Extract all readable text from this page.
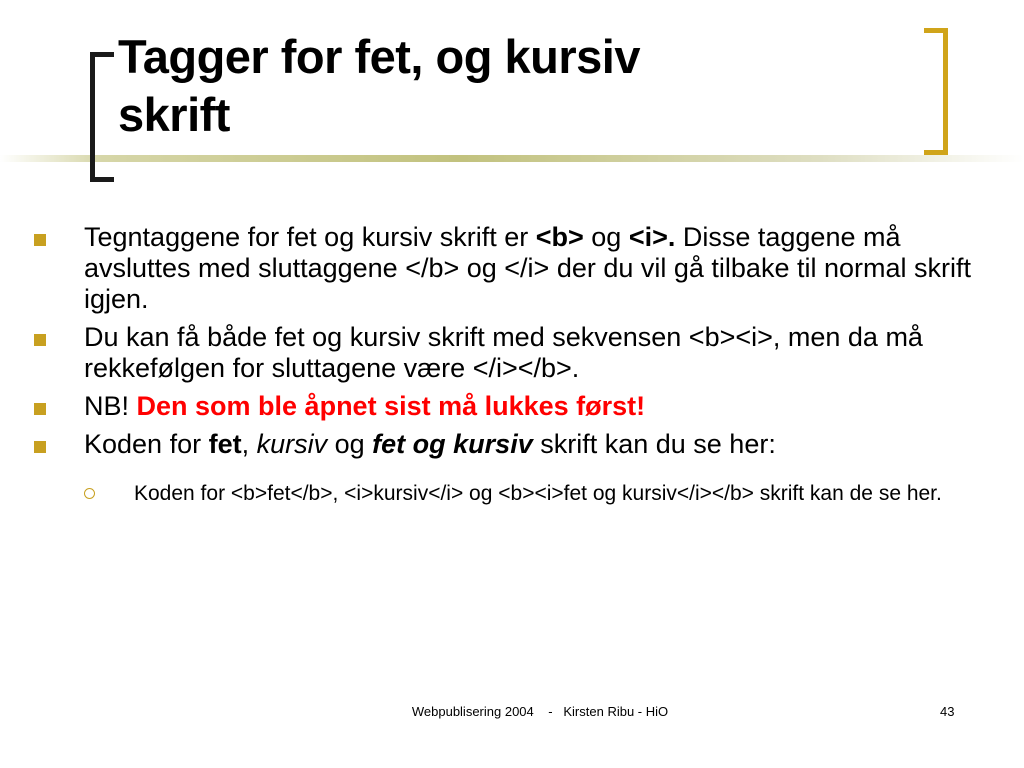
Tagger for fet, og kursiv
skrift
Tegntaggene for fet og kursiv skrift er <b> og <i>. Disse taggene må avsluttes med sluttaggene </b> og </i> der du vil gå tilbake til normal skrift igjen.
Du kan få både fet og kursiv skrift med sekvensen <b><i>, men da må rekkefølgen for sluttagene være </i></b>.
NB! Den som ble åpnet sist må lukkes først!
Koden for fet, kursiv og fet og kursiv skrift kan du se her:
Koden for <b>fet</b>, <i>kursiv</i> og <b><i>fet og kursiv</i></b> skrift kan de se her.
Webpublisering 2004    -   Kirsten Ribu - HiO	43
